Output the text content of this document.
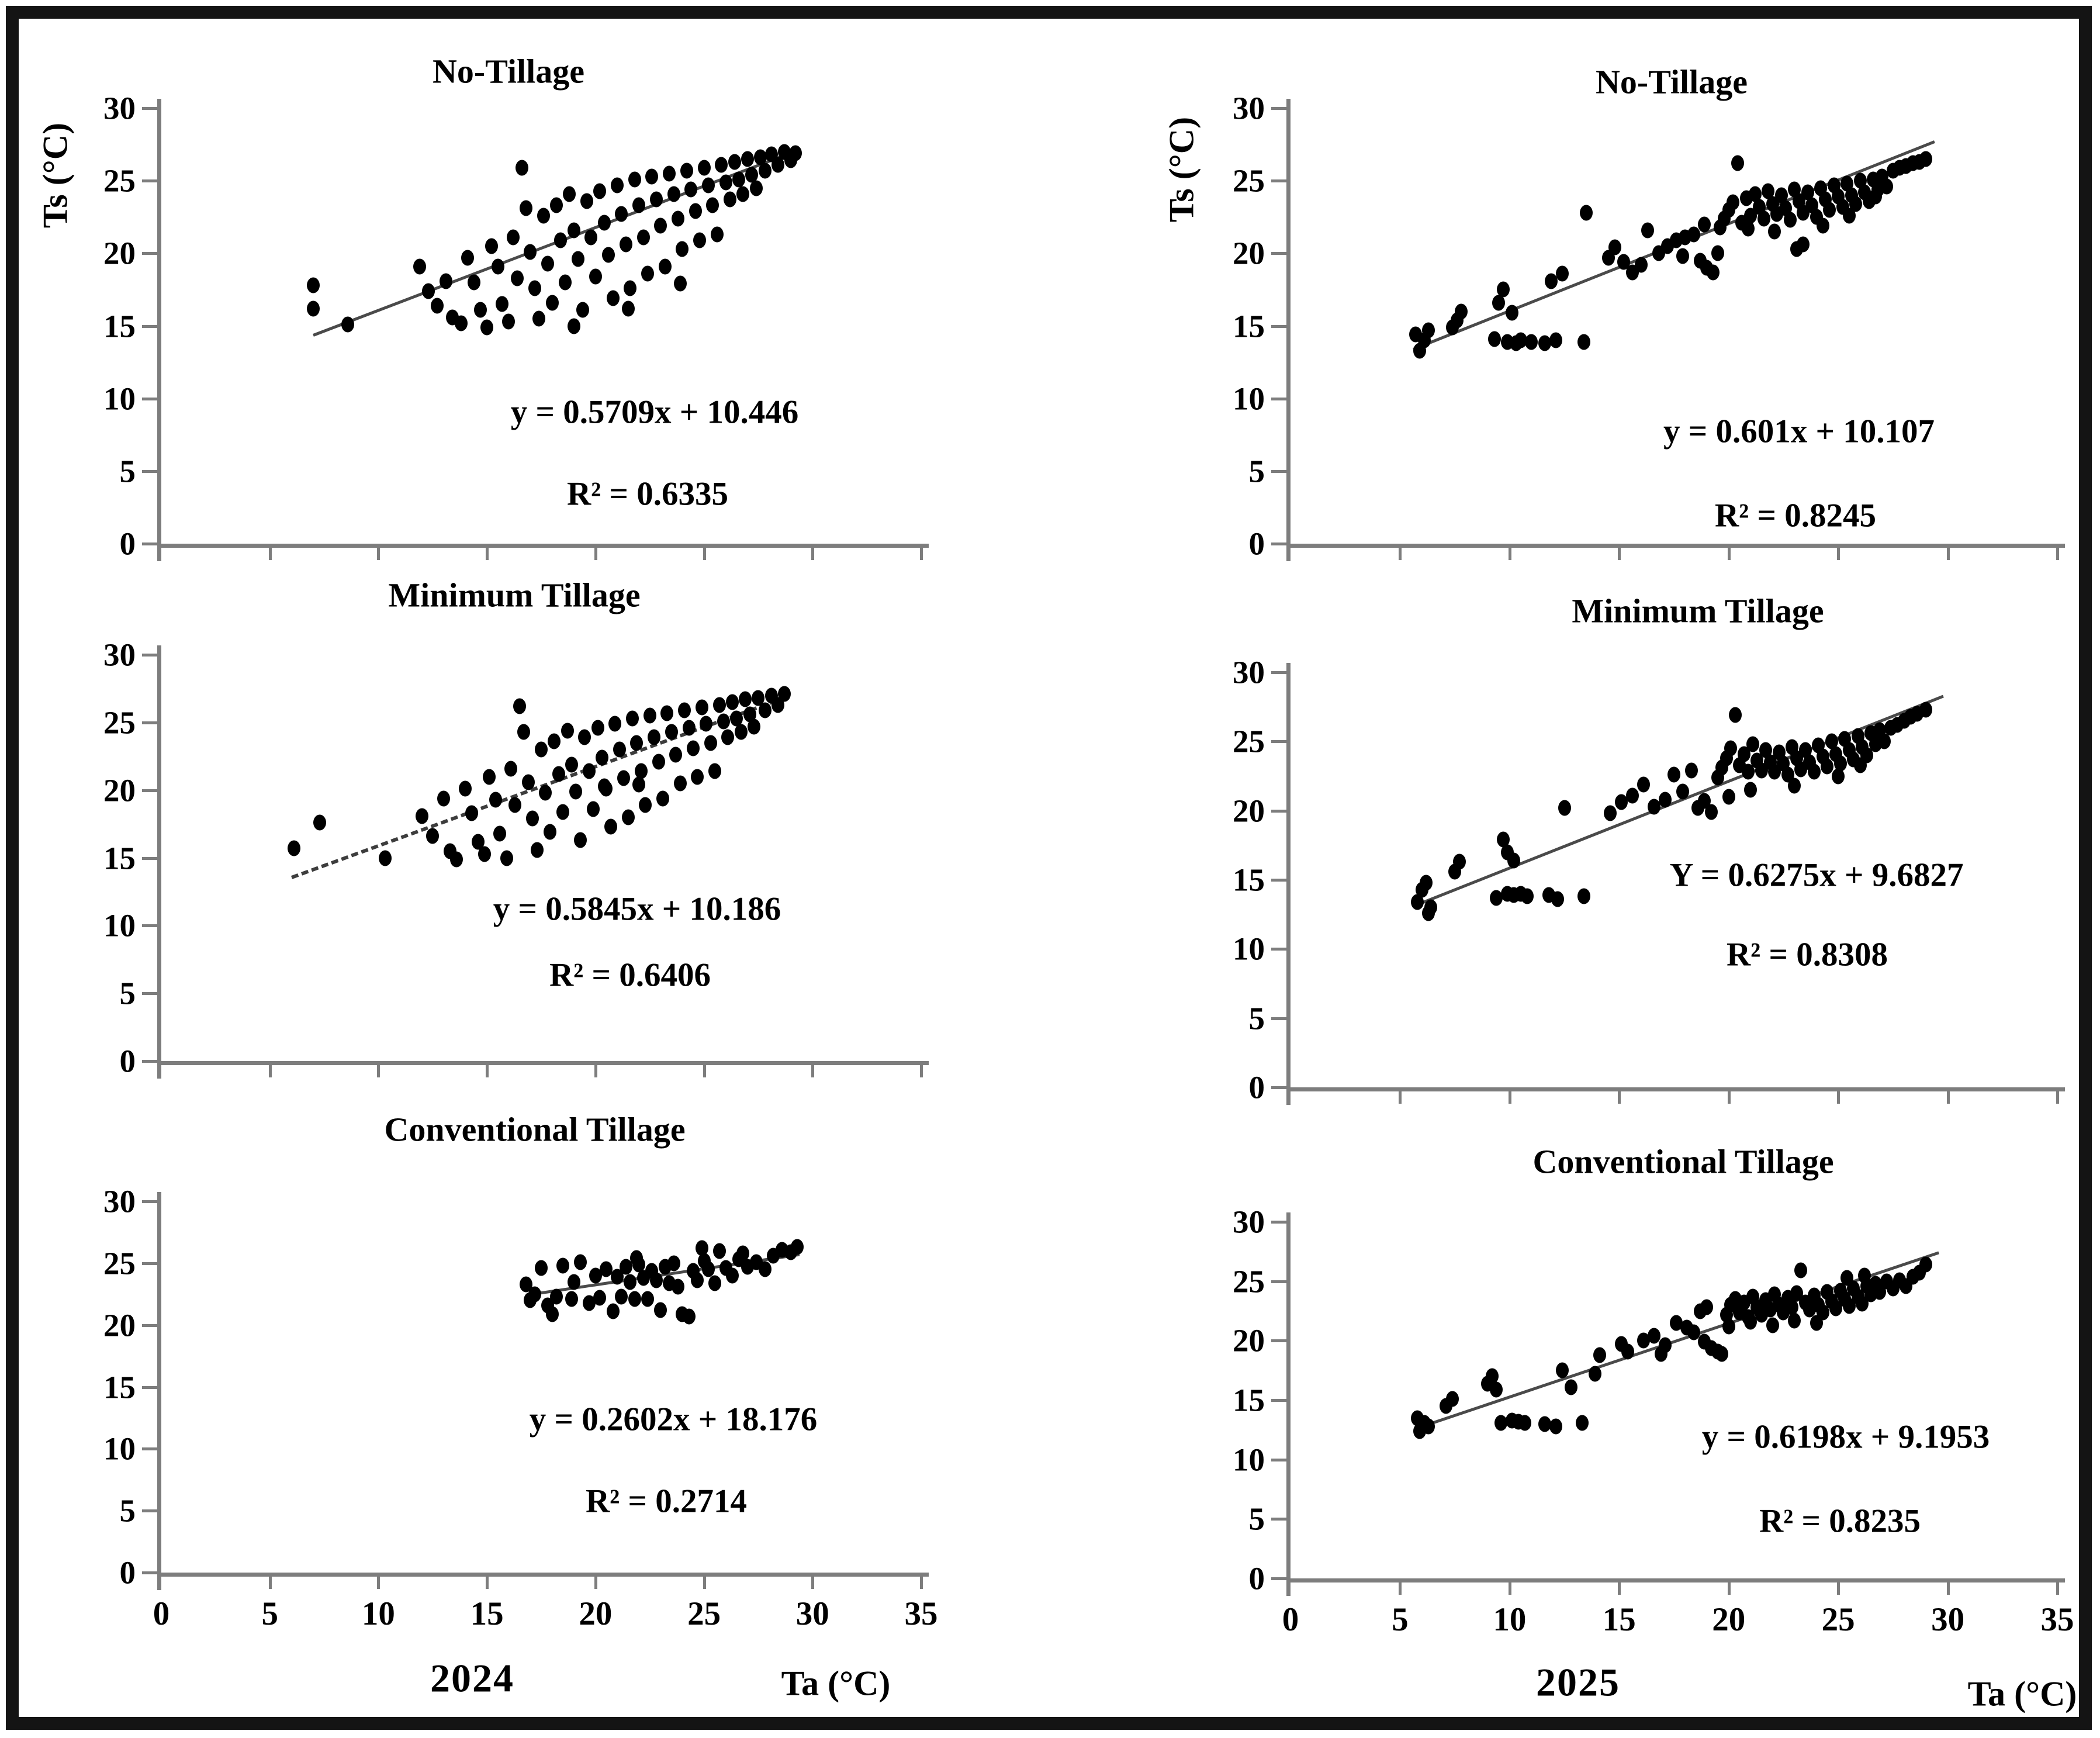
Ts (°C)	Ts (°C)
No-Tillage
Minimum Tillage
Conventional Tillage
No-Tillage
Minimum Tillage
Conventional Tillage
30
25
20
15
10
5
0
30
25
20
15
10
5
0
30
25
20
15
10
5
0
0	5	10 15 20 25 30 35
30
25
20
15
10
5
0
30
25
20
15
10
5
0
30
25
20
15
10
5
0
0	5	10 15 20 25 30 35
y = 0.5709x + 10.446
R² = 0.6335
y = 0.5845x + 10.186
R² = 0.6406
y = 0.2602x + 18.176
R² = 0.2714
y = 0.601x + 10.107
R² = 0.8245
Y = 0.6275x + 9.6827
R² = 0.8308
y = 0.6198x + 9.1953
R² = 0.8235
2024	Ta (°C)	2025	Ta (°C)
